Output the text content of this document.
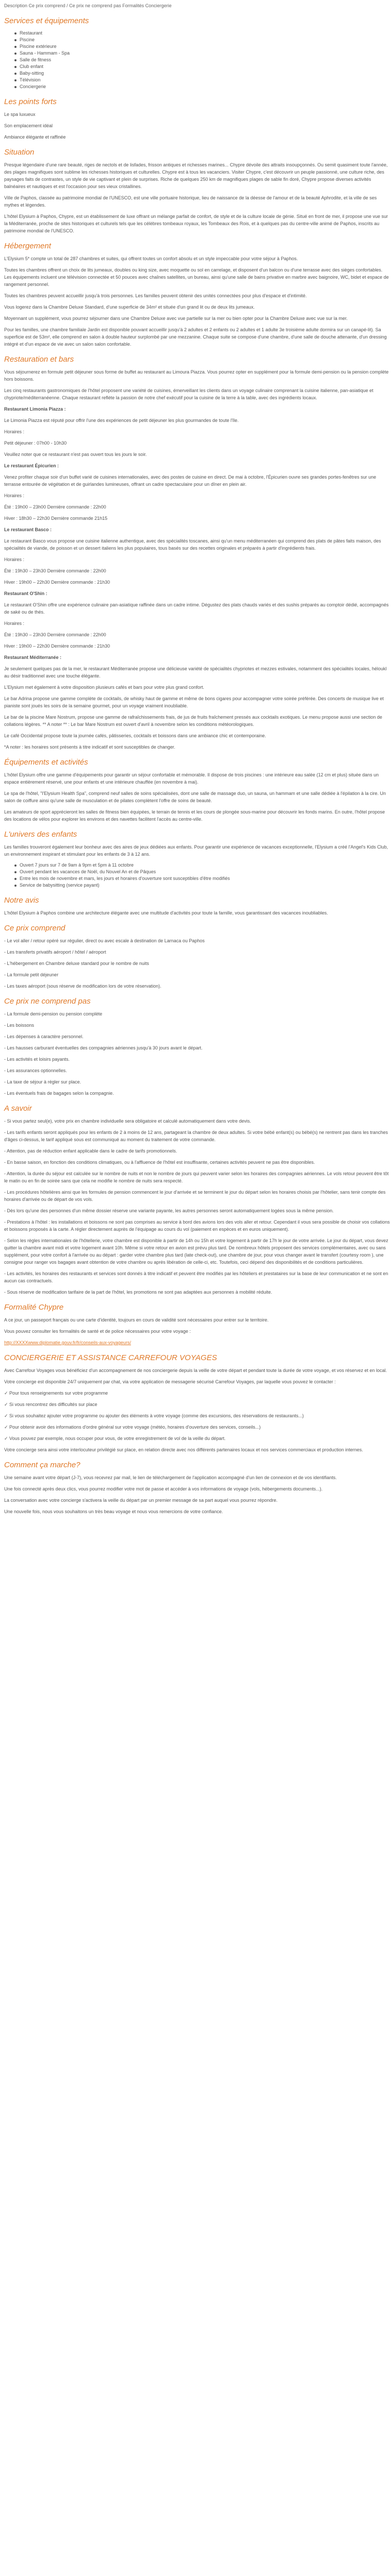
Description Ce prix comprend / Ce prix ne comprend pas Formalités Conciergerie
Services et équipements
Restaurant
Piscine
Piscine extérieure
Sauna - Hammam - Spa
Salle de fitness
Club enfant
Baby-sitting
Télévision
Conciergerie
Les points forts

Le spa luxueux

Son emplacement idéal

Ambiance élégante et raffinée

Situation

Presque légendaire d'une rare beauté, riges de nectols et de lisfades, frisson antiques et richesses marines... Chypre dévoile des attraits insoupçonnés. Ou semit quasiment toute l'année, des plages magnifiques sont sublime les richesses historiques et culturelles. Chypre est à tous les vacanciers. Visiter Chypre, c'est découvrir un peuple passionné, une culture riche, des paysages faits de contrastes, un style de vie captivant et plein de surprises. Riche de quelques 250 km de magnifiques plages de sable fin doré, Chypre propose diverses activités balnéaires et nautiques et est l'occasion pour ses vieux cristallines.

Ville de Paphos, classée au patrimoine mondial de l'UNESCO, est une ville portuaire historique, lieu de naissance de la déesse de l'amour et de la beauté Aphrodite, et la ville de ses mythes et légendes.

L'hôtel Elysium à Paphos, Chypre, est un établissement de luxe offrant un mélange parfait de confort, de style et de la culture locale de génie. Situé en front de mer, il propose une vue sur la Méditerranée, proche de sites historiques et culturels tels que les célèbres tombeaux royaux, les Tombeaux des Rois, et à quelques pas du centre-ville animé de Paphos, inscrits au patrimoine mondial de l'UNESCO.

Hébergement

L'Elysium 5* compte un total de 287 chambres et suites, qui offrent toutes un confort absolu et un style impeccable pour votre séjour à Paphos.

Toutes les chambres offrent un choix de lits jumeaux, doubles ou king size, avec moquette ou sol en carrelage, et disposent d'un balcon ou d'une terrasse avec des sièges confortables. Les équipements incluent une télévision connectée et 50 pouces avec chaînes satellites, un bureau, ainsi qu'une salle de bains privative en marbre avec baignoire, WC, bidet et espace de rangement personnel.

Toutes les chambres peuvent accueillir jusqu'à trois personnes. Les familles peuvent obtenir des unités connectées pour plus d'espace et d'intimité.

Vous logerez dans la Chambre Deluxe Standard, d'une superficie de 34m² et située d'un grand lit ou de deux lits jumeaux.

Moyennant un supplément, vous pourrez séjourner dans une Chambre Deluxe avec vue partielle sur la mer ou bien opter pour la Chambre Deluxe avec vue sur la mer.

Pour les familles, une chambre familiale Jardin est disponible pouvant accueillir jusqu'à 2 adultes et 2 enfants ou 2 adultes et 1 adulte 3e troisième adulte dormira sur un canapé-lit). Sa superficie est de 53m², elle comprend en salon à double hauteur surplombé par une mezzanine. Chaque suite se compose d'une chambre, d'une salle de douche attenante, d'un dressing intégré et d'un espace de vie avec un salon salon confortable.

Restauration et bars

Vous séjournerez en formule petit déjeuner sous forme de buffet au restaurant au Limoura Piazza. Vous pourrez opter en supplément pour la formule demi-pension ou la pension complète hors boissons.

Les cinq restaurants gastronomiques de l'hôtel proposent une variété de cuisines, émerveillant les clients dans un voyage culinaire comprenant la cuisine italienne, pan-asiatique et chypriote/méditerranéenne. Chaque restaurant reflète la passion de notre chef exécutif pour la cuisine de la terre à la table, avec des ingrédients locaux.

Restaurant Limonia Piazza :

Le Limonia Piazza est réputé pour offrir l'une des expériences de petit déjeuner les plus gourmandes de toute l'île.

Horaires :

Petit déjeuner : 07h00 - 10h30

Veuillez noter que ce restaurant n'est pas ouvert tous les jours le soir.

Le restaurant Épicurien :

Venez profiter chaque soir d'un buffet varié de cuisines internationales, avec des postes de cuisine en direct. De mai à octobre, l'Épicurien ouvre ses grandes portes-fenêtres sur une terrasse entourée de végétation et de guirlandes lumineuses, offrant un cadre spectaculaire pour un dîner en plein air.

Horaires :

Été : 19h00 – 23h00 Dernière commande : 22h00

Hiver : 18h30 – 22h30 Dernière commande 21h15

Le restaurant Basco :

Le restaurant Basco vous propose une cuisine italienne authentique, avec des spécialités toscanes, ainsi qu'un menu méditerranéen qui comprend des plats de pâtes faits maison, des spécialités de viande, de poisson et un dessert italiens les plus populaires, tous basés sur des recettes originales et préparés à partir d'ingrédients frais.

Horaires :

Été : 19h30 – 23h30 Dernière commande : 22h00

Hiver : 19h00 – 22h30 Dernière commande : 21h30

Restaurant O'Shin :

Le restaurant O'Shin offre une expérience culinaire pan-asiatique raffinée dans un cadre intime. Dégustez des plats chauds variés et des sushis préparés au comptoir dédié, accompagnés de saké ou de thés.

Horaires :

Été : 19h30 – 23h30 Dernière commande : 22h00

Hiver : 19h00 – 22h30 Dernière commande : 21h30

Restaurant Méditerranée :

Je seulement quelques pas de la mer, le restaurant Méditerranée propose une délicieuse variété de spécialités chypriotes et mezzes estivales, notamment des spécialités locales, héloukl au désir traditionnel avec une touche élégante.

L'Elysium met également à votre disposition plusieurs cafés et bars pour votre plus grand confort.

Le bar Adrina propose une gamme complète de cocktails, de whisky haut de gamme et même de bons cigares pour accompagner votre soirée préférée. Des concerts de musique live et pianiste sont joués les soirs de la semaine gourmet, pour un voyage vraiment inoubliable.

Le bar de la piscine Mare Nostrum, propose une gamme de rafraîchissements frais, de jus de fruits fraîchement pressés aux cocktails exotiques. Le menu propose aussi une section de collations légères. ** A noter ** : Le bar Mare Nostrum est ouvert d'avril à novembre selon les conditions météorologiques.

Le café Occidental propose toute la journée cafés, pâtisseries, cocktails et boissons dans une ambiance chic et contemporaine.

*A noter : les horaires sont présents à titre indicatif et sont susceptibles de changer.

Équipements et activités

L'hôtel Elysium offre une gamme d'équipements pour garantir un séjour confortable et mémorable. Il dispose de trois piscines : une intérieure eau salée (12 cm et plus) située dans un espace entièrement réservé, une pour enfants et une intérieure chauffée (en novembre à mai).

Le spa de l'hôtel, "l'Elysium Health Spa", comprend neuf salles de soins spécialisées, dont une salle de massage duo, un sauna, un hammam et une salle dédiée à l'épilation à la cire. Un salon de coiffure ainsi qu'une salle de musculation et de pilates complètent l'offre de soins de beauté.

Les amateurs de sport apprécieront les salles de fitness bien équipées, le terrain de tennis et les cours de plongée sous-marine pour découvrir les fonds marins. En outre, l'hôtel propose des locations de vélos pour explorer les environs et des navettes facilitent l'accès au centre-ville.

L'univers des enfants

Les familles trouveront également leur bonheur avec des aires de jeux dédiées aux enfants. Pour garantir une expérience de vacances exceptionnelle, l'Elysium a créé l'Angel's Kids Club, un environnement inspirant et stimulant pour les enfants de 3 à 12 ans.

Ouvert 7 jours sur 7 de 9am à 9pm et 5pm à 11 octobre
Ouvert pendant les vacances de Noël, du Nouvel An et de Pâques
Entre les mois de novembre et mars, les jours et horaires d'ouverture sont susceptibles d'être modifiés
Service de babysitting (service payant)
Notre avis

L'hôtel Elysium à Paphos combine une architecture élégante avec une multitude d'activités pour toute la famille, vous garantissant des vacances inoubliables.

Ce prix comprend

- Le vol aller / retour opéré sur régulier, direct ou avec escale à destination de Larnaca ou Paphos

- Les transferts privatifs aéroport / hôtel / aéroport

- L'hébergement en Chambre deluxe standard pour le nombre de nuits

- La formule petit déjeuner

- Les taxes aéroport (sous réserve de modification lors de votre réservation).

Ce prix ne comprend pas

- La formule demi-pension ou pension complète

- Les boissons

- Les dépenses à caractère personnel.

- Les hausses carburant éventuelles des compagnies aériennes jusqu'à 30 jours avant le départ.

- Les activités et loisirs payants.

- Les assurances optionnelles.

- La taxe de séjour à régler sur place.

- Les éventuels frais de bagages selon la compagnie.

A savoir

- Si vous partez seul(e), votre prix en chambre individuelle sera obligatoire et calculé automatiquement dans votre devis.

- Les tarifs enfants seront appliqués pour les enfants de 2 à moins de 12 ans, partageant la chambre de deux adultes. Si votre bébé enfant(s) ou bébé(s) ne rentrent pas dans les tranches d'âges ci-dessus, le tarif appliqué sous est communiqué au moment du traitement de votre commande.

- Attention, pas de réduction enfant applicable dans le cadre de tarifs promotionnels.

- En basse saison, en fonction des conditions climatiques, ou à l'affluence de l'hôtel est insuffisante, certaines activités peuvent ne pas être disponibles.

- Attention, la durée du séjour est calculée sur le nombre de nuits et non le nombre de jours qui peuvent varier selon les horaires des compagnies aériennes. Le vols retour peuvent être tôt le matin ou en fin de soirée sans que cela ne modifie le nombre de nuits sera respecté.

- Les procédures hôtelières ainsi que les formules de pension commencent le jour d'arrivée et se terminent le jour du départ selon les horaires choisis par l'hôtelier, sans tenir compte des horaires d'arrivée ou de départ de vos vols.

- Dès lors qu'une des personnes d'un même dossier réserve une variante payante, les autres personnes seront automatiquement logées sous la même pension.

- Prestations à l'hôtel : les installations et boissons ne sont pas comprises au service à bord des avions lors des vols aller et retour. Cependant il vous sera possible de choisir vos collations et boissons proposés à la carte. A régler directement auprès de l'équipage au cours du vol (paiement en espèces et en euros uniquement).

- Selon les règles internationales de l'hôtellerie, votre chambre est disponible à partir de 14h ou 15h et votre logement à partir de 17h le jour de votre arrivée. Le jour du départ, vous devez quitter la chambre avant midi et votre logement avant 10h. Même si votre retour en avion est prévu plus tard. De nombreux hôtels proposent des services complémentaires, avec ou sans supplément, pour votre confort à l'arrivée ou au départ : garder votre chambre plus tard (late check-out), une chambre de jour, pour vous changer avant le transfert (courtesy room ), une consigne pour ranger vos bagages avant obtention de votre chambre ou après libération de celle-ci, etc. Toutefois, ceci dépend des disponibilités et de conditions particulières.

- Les activités, les horaires des restaurants et services sont donnés à titre indicatif et peuvent être modifiés par les hôteliers et prestataires sur la base de leur communication et ne sont en aucun cas contractuels.

- Sous réserve de modification tarifaire de la part de l'hôtel, les promotions ne sont pas adaptées aux personnes à mobilité réduite.

Formalité Chypre

A ce jour, un passeport français ou une carte d'identité, toujours en cours de validité sont nécessaires pour entrer sur le territoire.

Vous pouvez consulter les formalités de santé et de police nécessaires pour votre voyage :

http://XXXXwww.diplomatie.gouv.fr/fr/conseils-aux-voyageurs/

CONCIERGERIE ET ASSISTANCE CARREFOUR VOYAGES

Avec Carrefour Voyages vous bénéficiez d'un accompagnement de nos conciergerie depuis la veille de votre départ et pendant toute la durée de votre voyage, et vos réservez et en local.

Votre concierge est disponible 24/7 uniquement par chat, via votre application de messagerie sécurisé Carrefour Voyages, par laquelle vous pouvez le contacter :

✓ Pour tous renseignements sur votre programme

✓ Si vous rencontrez des difficultés sur place

✓ Si vous souhaitez ajouter votre programme ou ajouter des éléments à votre voyage (comme des excursions, des réservations de restaurants...)

✓ Pour obtenir avoir des informations d'ordre général sur votre voyage (météo, horaires d'ouverture des services, conseils...)

✓ Vous pouvez par exemple, nous occuper pour vous, de votre enregistrement de vol de la veille du départ.

Votre concierge sera ainsi votre interlocuteur privilégié sur place, en relation directe avec nos différents partenaires locaux et nos services commerciaux et production internes.

Comment ça marche?

Une semaine avant votre départ (J-7), vous recevrez par mail, le lien de téléchargement de l'application accompagné d'un lien de connexion et de vos identifiants.

Une fois connecté après deux clics, vous pourrez modifier votre mot de passe et accéder à vos informations de voyage (vols, hébergements documents...).

La conversation avec votre concierge s'activera la veille du départ par un premier message de sa part auquel vous pourrez répondre.

Une nouvelle fois, nous vous souhaitons un très beau voyage et nous vous remercions de votre confiance.
